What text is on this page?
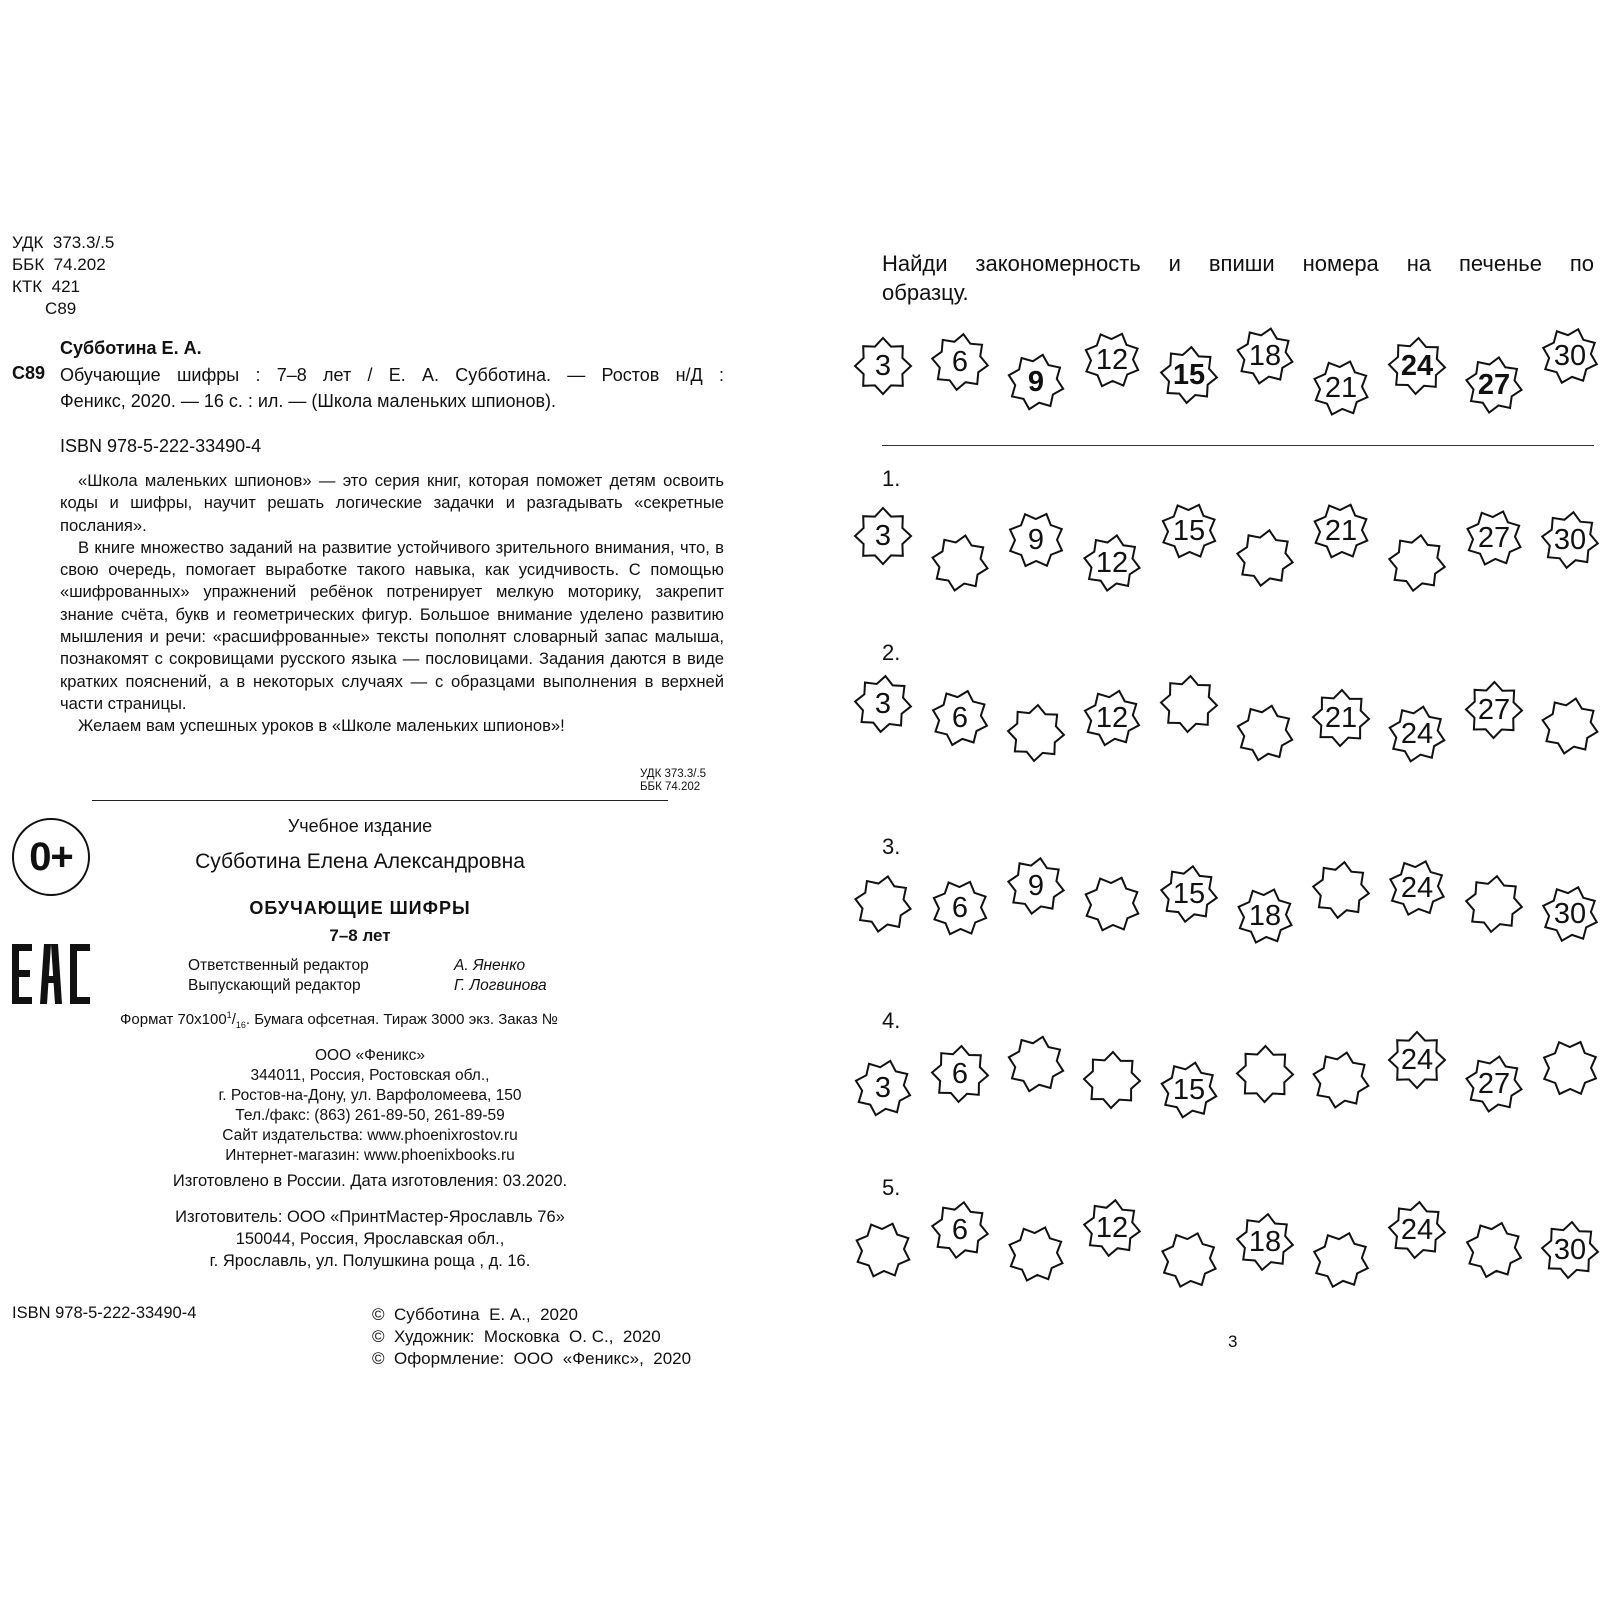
УДК  373.3/.5
ББК  74.202
КТК  421
С89
Субботина Е. А.
С89 Обучающие шифры : 7–8 лет / Е. А. Субботина. — Ростов н/Д :
Феникс, 2020. — 16 с. : ил. — (Школа маленьких шпионов).
ISBN 978-5-222-33490-4

«Школа маленьких шпионов» — это серия книг, которая поможет детям освоить коды и шифры, научит решать логические задачки и разгадывать «секретные послания».

В книге множество заданий на развитие устойчивого зрительного внимания, что, в свою очередь, помогает выработке такого навыка, как усидчивость. С помощью «шифрованных» упражнений ребёнок потренирует мелкую моторику, закрепит знание счёта, букв и геометрических фигур. Большое внимание уделено развитию мышления и речи: «расшифрованные» тексты пополнят словарный запас малыша, познакомят с сокровищами русского языка — пословицами. Задания даются в виде кратких пояснений, а в некоторых случаях — с образцами выполнения в верхней части страницы.

Желаем вам успешных уроков в «Школе маленьких шпионов»!

УДК 373.3/.5
ББК 74.202
0+
Учебное издание
Субботина Елена Александровна
ОБУЧАЮЩИЕ ШИФРЫ
7–8 лет
Ответственный редактор	А. Яненко
Выпускающий редактор	Г. Логвинова
Формат $70х100^1/_{16}$. Бумага офсетная. Тираж 3000 экз. Заказ №
ООО «Феникс»
344011, Россия, Ростовская обл.,
г. Ростов-на-Дону, ул. Варфоломеева, 150
Тел./факс: (863) 261-89-50, 261-89-59
Сайт издательства: www.phoenixrostov.ru
Интернет-магазин: www.phoenixbooks.ru
Изготовлено в России. Дата изготовления: 03.2020.
Изготовитель: ООО «ПринтМастер-Ярославль 76»
150044, Россия, Ярославская обл.,
г. Ярославль, ул. Полушкина роща , д. 16.
ISBN 978-5-222-33490-4	©  Субботина  Е. А.,  2020
©  Художник:  Московка  О. С.,  2020
©  Оформление:  ООО  «Феникс»,  2020
Найди закономерность и впиши номера на печенье по
образцу.
3	6
9
12	15
18
21
24
27
30
1.
3	9
12
15	21	27	30
2.
3	6	12	21	24
27
3.
6
9	15
18
24
30
4.
3	6	15
24
27
5.
6	12	18	24
30
3
